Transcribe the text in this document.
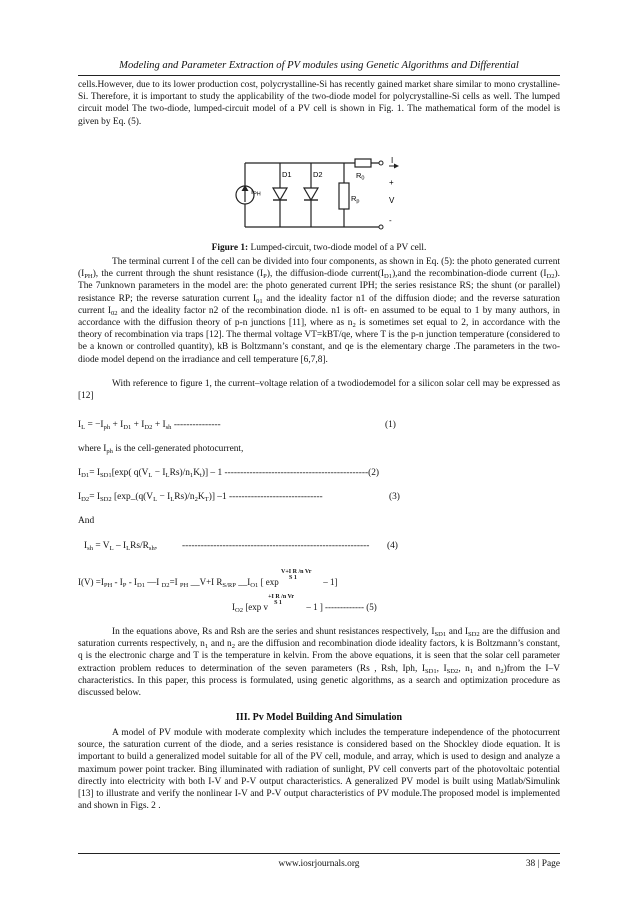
Modeling and Parameter Extraction of PV modules using Genetic Algorithms and Differential

cells.However, due to its lower production cost, polycrystalline-Si has recently gained market share similar to mono crystalline-Si. Therefore, it is important to study the applicability of the two-diode model for polycrystalline-Si cells as well. The lumped circuit model The two-diode, lumped-circuit model of a PV cell is shown in Fig. 1. The mathematical form of the model is given by Eq. (5).

$I_{PH}$
D1	D2
$R_p$
$R_0$
I
+
V
-
Figure 1: Lumped-circuit, two-diode model of a PV cell.

The terminal current I of the cell can be divided into four components, as shown in Eq. (5): the photo generated current $(I_{PH})$, the current through the shunt resistance $(I_P)$, the diffusion-diode $current(I_{D1}),and$ the recombination-diode current $(I_{D2})$. The 7unknown parameters in the model are: the photo generated current IPH; the series resistance RS; the shunt (or parallel) resistance RP; the reverse saturation current $I_{01}$ and the ideality factor n1 of the diffusion diode; and the reverse saturation current $I_{02}$ and the ideality factor n2 of the recombination diode. n1 is oft- en assumed to be equal to 1 by many authors, in accordance with the diffusion theory of p-n junctions [11], where as $n_2$ is sometimes set equal to 2, in accordance with the theory of recombination via traps [12]. The thermal voltage VT=kBT/qe, where T is the p-n junction temperature (considered to be a known or controlled quantity), kB is Boltzmann’s constant, and qe is the elementary charge .The parameters in the two-diode model depend on the irradiance and cell temperature [6,7,8].

With reference to figure 1, the current–voltage relation of a twodiodemodel for a silicon solar cell may be expressed as [12]

$I_L = -I_{ph} + I_{D1} + I_{D2} + I_{sh}$ ---------------	(1)
where $I_{ph}$ is the cell-generated photocurrent,
$I_{D1}= I_{SD1}[\exp$( $q(V_L - I_LRs)/n_1K_t)] - 1$ ----------------------------------------------(2)
$I_{D2}= I_{SD2}$ $[\exp\_(q(V_L - I_LRs)/n_2K_T)]$ –1 ------------------------------	(3)
And
$I_{sh} = V_L - I_LRs/R_{sh}$,	------------------------------------------------------------ (4)
$I(V) =I_{PH} - I_P - I_{D1}$ —I $_{D2}$=I $_{PH}$ __V+I $R_{S/RP}$ $\_\_I_{O1}$ [ exp
V+I R /n Vr
S 1	– 1]
$I_{O2}$ [exp v
+I R /n Vr
S 1 – 1 ] ------------- (5)

In the equations above, Rs and Rsh are the series and shunt resistances respectively, $I_{SD1}$ and $I_{SD2}$ are the diffusion and saturation currents respectively, $n_1$ and $n_2$ are the diffusion and recombination diode ideality factors, k is Boltzmann’s constant, q is the electronic charge and T is the temperature in kelvin. From the above equations, it is seen that the solar cell parameter extraction problem reduces to determination of the seven parameters (Rs , Rsh, Iph, $I_{SD1}$, $I_{SD2}$, $n_1$ and $n_2)from$ the I–V characteristics. In this paper, this process is formulated, using genetic algorithms, as a search and optimization procedure as discussed below.

III. Pv Model Building And Simulation

A model of PV module with moderate complexity which includes the temperature independence of the photocurrent source, the saturation current of the diode, and a series resistance is considered based on the Shockley diode equation. It is important to build a generalized model suitable for all of the PV cell, module, and array, which is used to design and analyze a maximum power point tracker. Bing illuminated with radiation of sunlight, PV cell converts part of the photovoltaic potential directly into electricity with both I-V and P-V output characteristics. A generalized PV model is built using Matlab/Simulink [13] to illustrate and verify the nonlinear I-V and P-V output characteristics of PV module.The proposed model is implemented and shown in Figs. 2 .

www.iosrjournals.org	38 | Page
